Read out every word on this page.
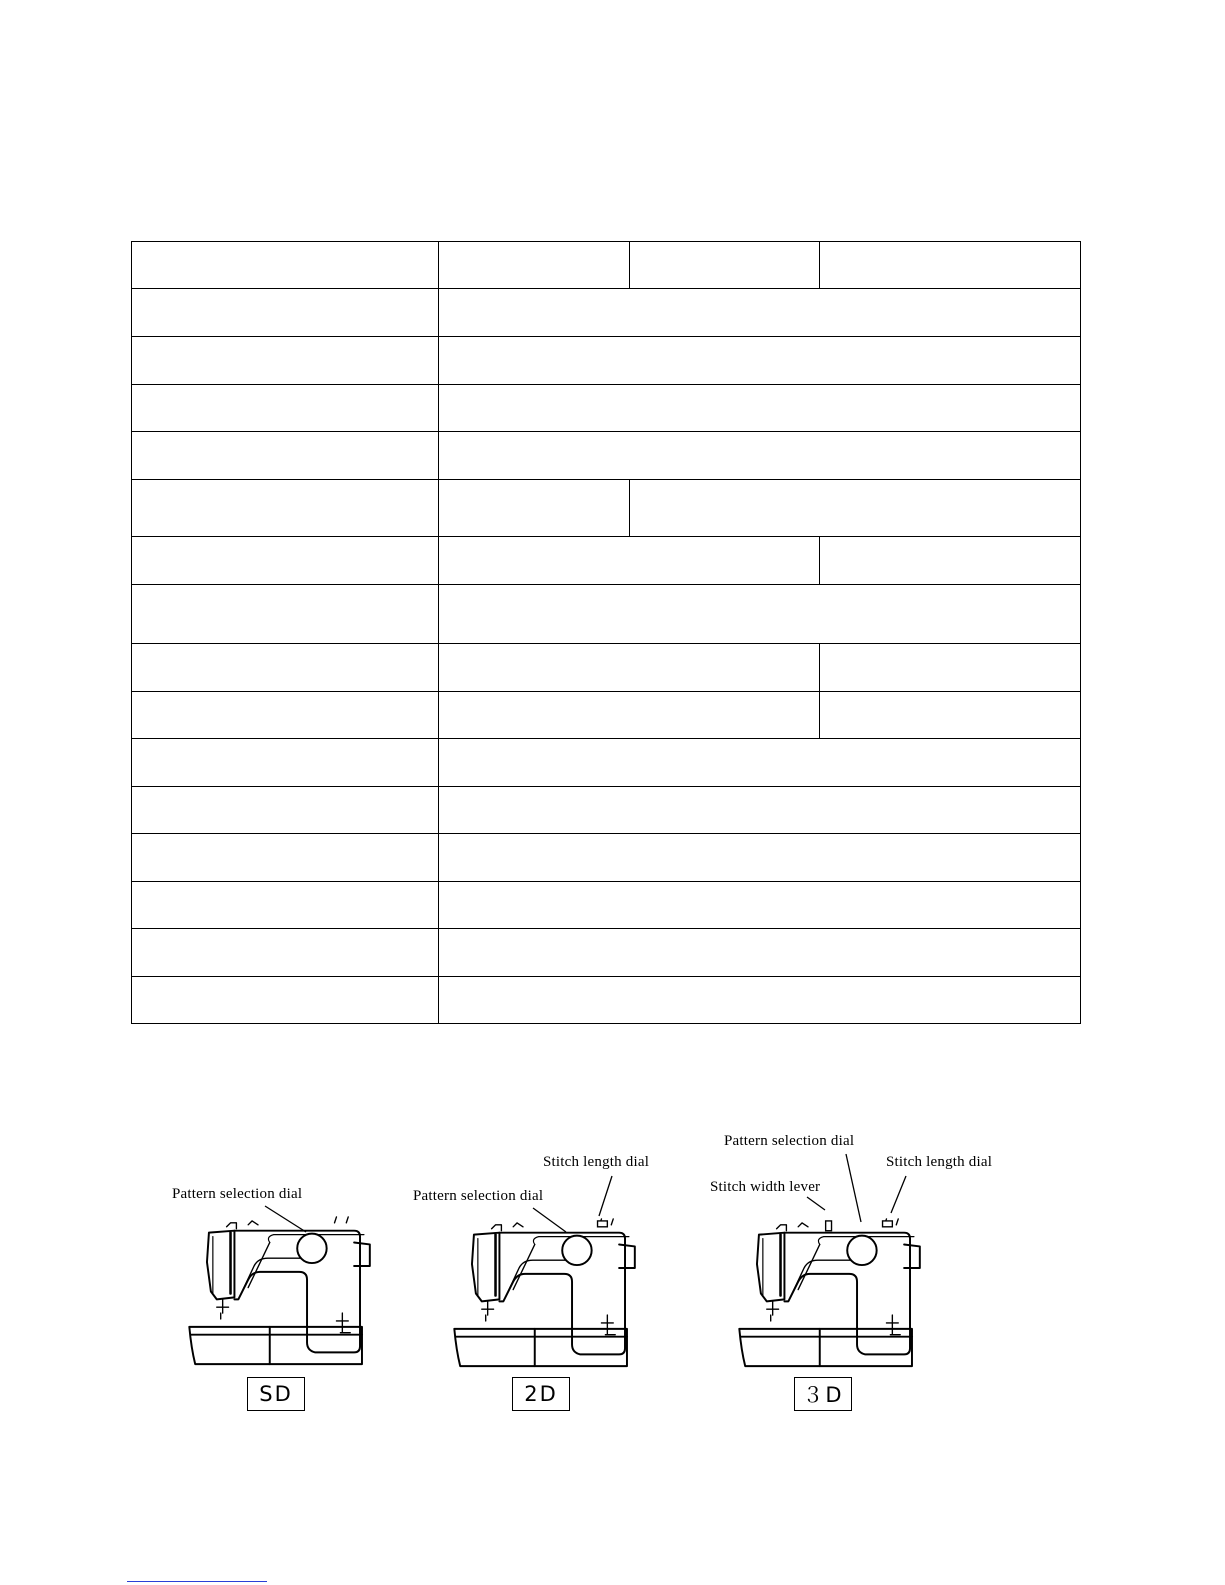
Pattern selection dial
SD
Stitch length dial
Pattern selection dial
2D
Pattern selection dial
Stitch width lever
Stitch length dial
３D
